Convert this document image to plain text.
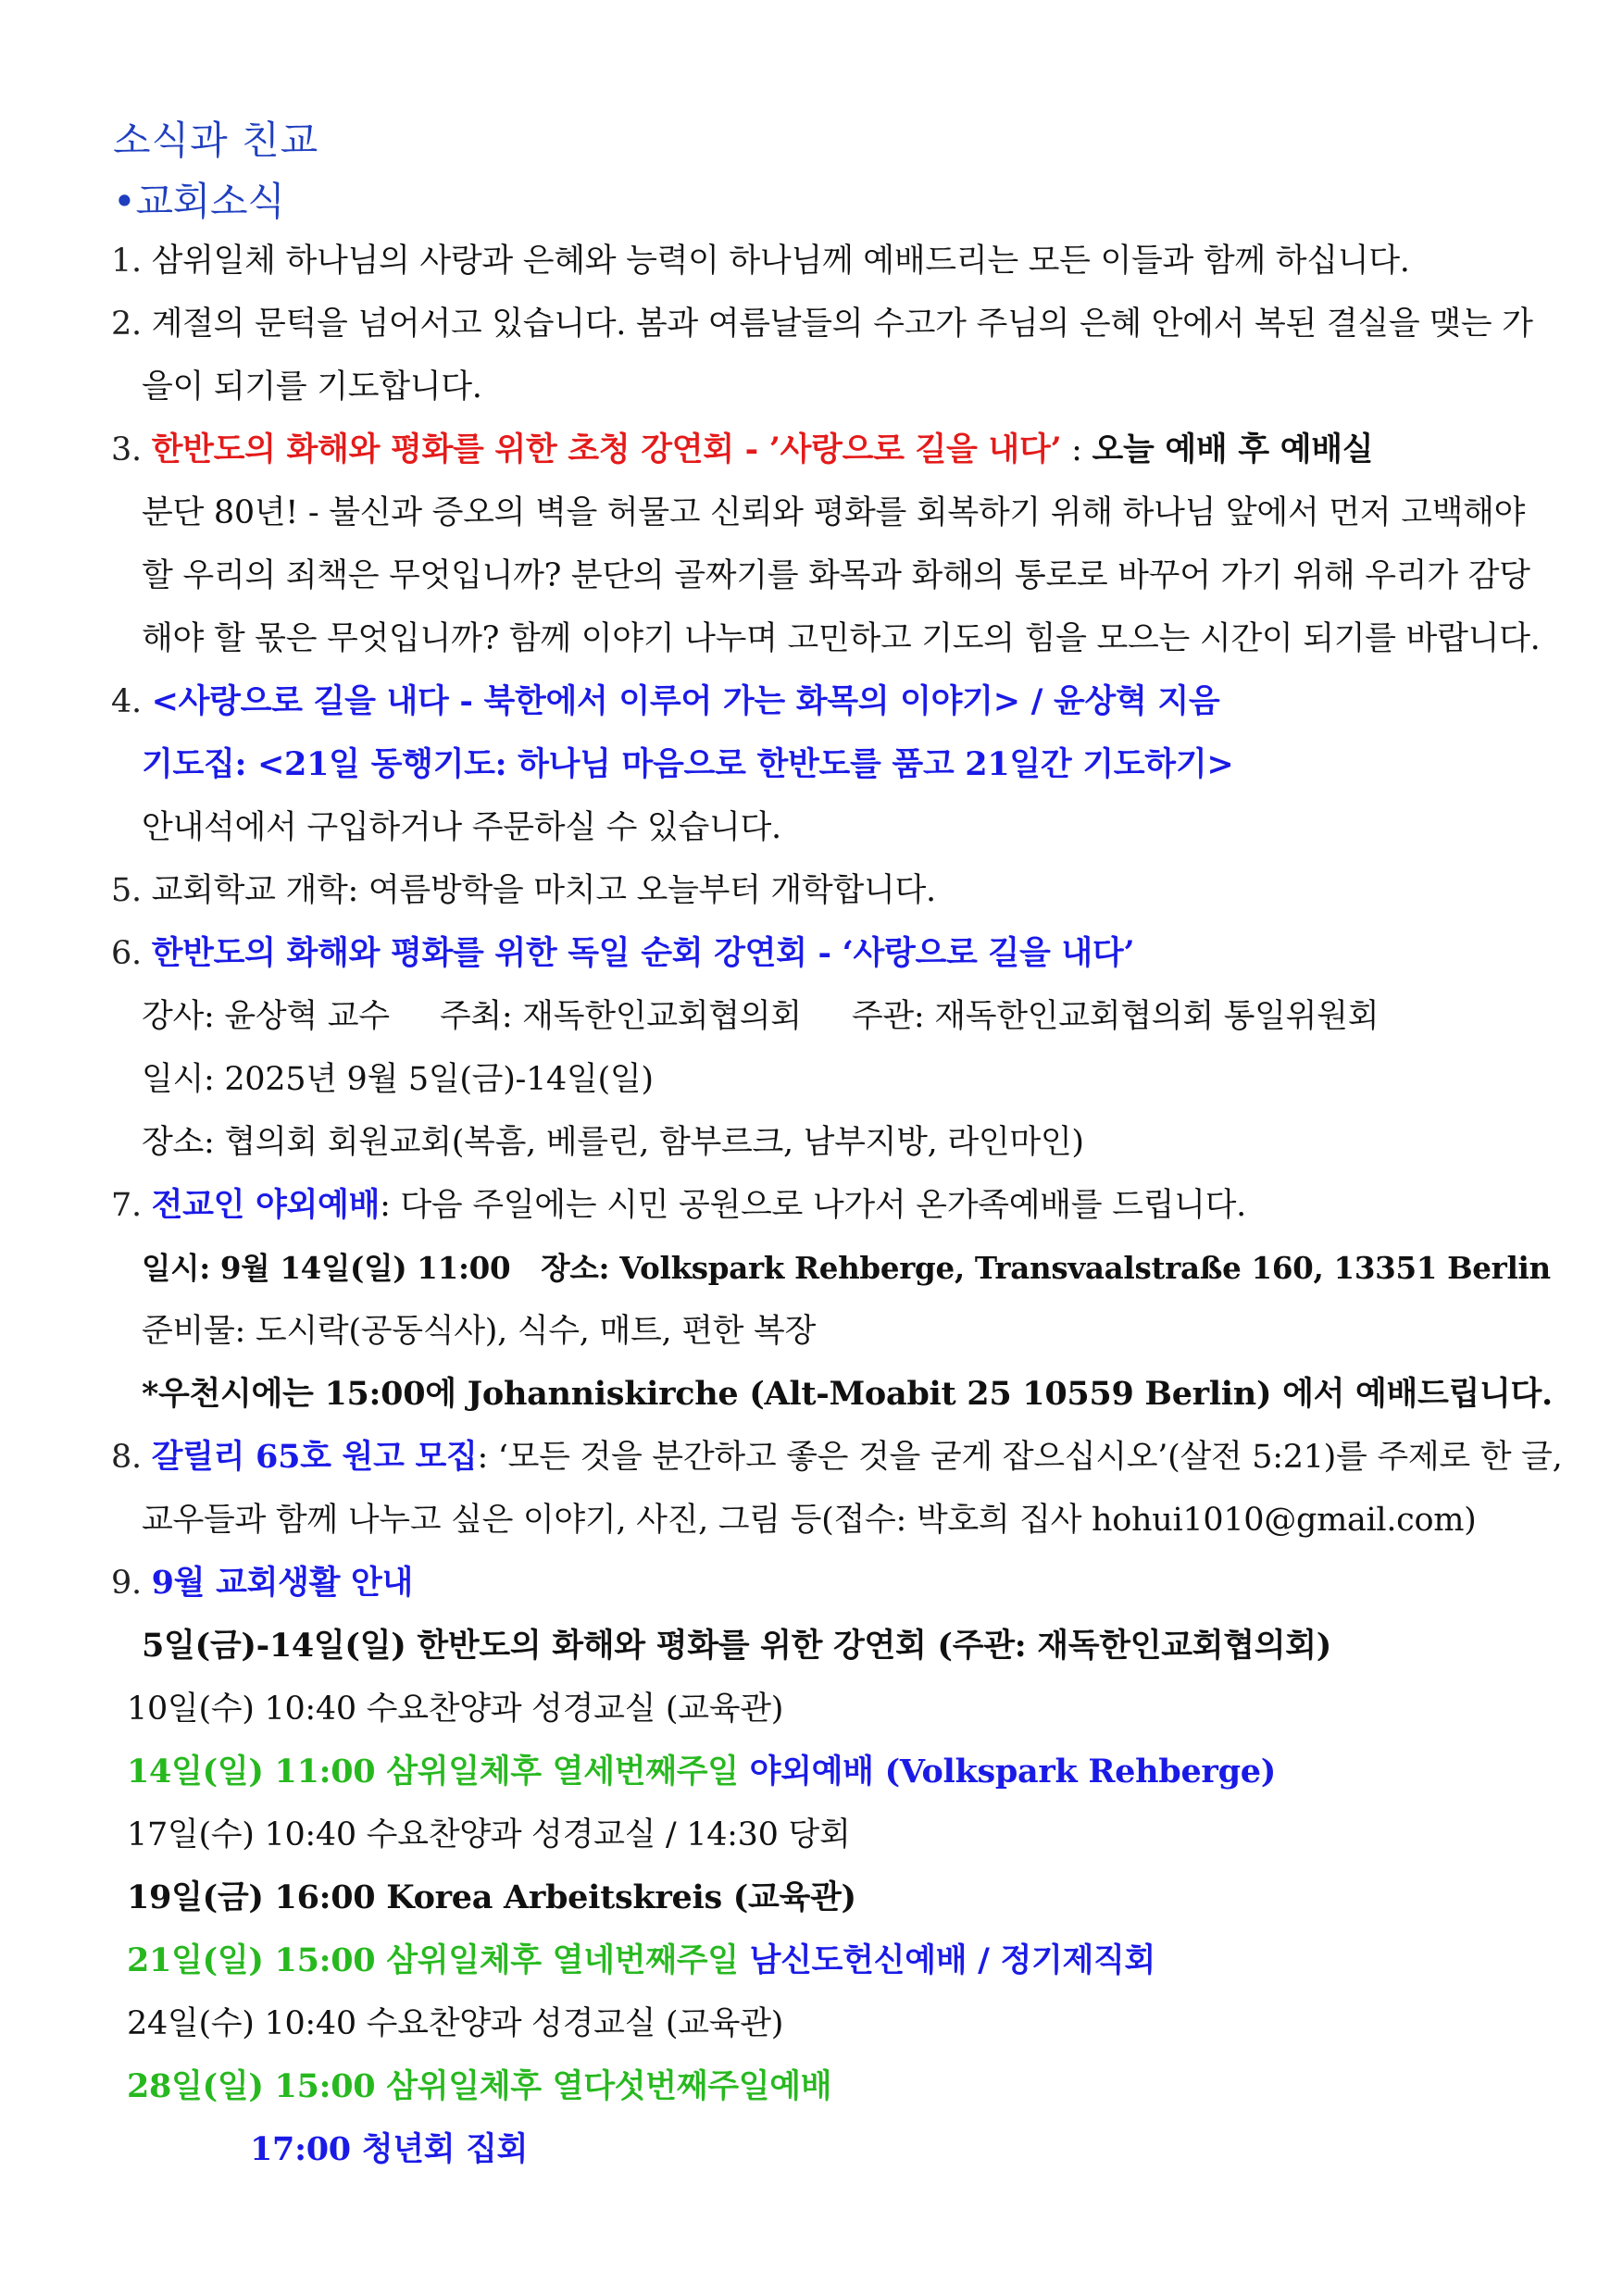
소식과 친교
•교회소식
1. 삼위일체 하나님의 사랑과 은혜와 능력이 하나님께 예배드리는 모든 이들과 함께 하십니다.
2. 계절의 문턱을 넘어서고 있습니다. 봄과 여름날들의 수고가 주님의 은혜 안에서 복된 결실을 맺는 가
을이 되기를 기도합니다.
3. 한반도의 화해와 평화를 위한 초청 강연회 - ’사랑으로 길을 내다’ : 오늘 예배 후 예배실
분단 80년! - 불신과 증오의 벽을 허물고 신뢰와 평화를 회복하기 위해 하나님 앞에서 먼저 고백해야
할 우리의 죄책은 무엇입니까? 분단의 골짜기를 화목과 화해의 통로로 바꾸어 가기 위해 우리가 감당
해야 할 몫은 무엇입니까? 함께 이야기 나누며 고민하고 기도의 힘을 모으는 시간이 되기를 바랍니다.
4. <사랑으로 길을 내다 - 북한에서 이루어 가는 화목의 이야기> / 윤상혁 지음
기도집: <21일 동행기도: 하나님 마음으로 한반도를 품고 21일간 기도하기>
안내석에서 구입하거나 주문하실 수 있습니다.
5. 교회학교 개학: 여름방학을 마치고 오늘부터 개학합니다.
6. 한반도의 화해와 평화를 위한 독일 순회 강연회 - ‘사랑으로 길을 내다’
강사: 윤상혁 교수     주최: 재독한인교회협의회     주관: 재독한인교회협의회 통일위원회
일시: 2025년 9월 5일(금)-14일(일)
장소: 협의회 회원교회(복흠, 베를린, 함부르크, 남부지방, 라인마인)
7. 전교인 야외예배: 다음 주일에는 시민 공원으로 나가서 온가족예배를 드립니다.
일시: 9월 14일(일) 11:00   장소: Volkspark Rehberge, Transvaalstraße 160, 13351 Berlin
준비물: 도시락(공동식사), 식수, 매트, 편한 복장
*우천시에는 15:00에 Johanniskirche (Alt-Moabit 25 10559 Berlin) 에서 예배드립니다.
8. 갈릴리 65호 원고 모집: ‘모든 것을 분간하고 좋은 것을 굳게 잡으십시오’(살전 5:21)를 주제로 한 글,
교우들과 함께 나누고 싶은 이야기, 사진, 그림 등(접수: 박호희 집사 hohui1010@gmail.com)
9. 9월 교회생활 안내
5일(금)-14일(일) 한반도의 화해와 평화를 위한 강연회 (주관: 재독한인교회협의회)
10일(수) 10:40 수요찬양과 성경교실 (교육관)
14일(일) 11:00 삼위일체후 열세번째주일 야외예배 (Volkspark Rehberge)
17일(수) 10:40 수요찬양과 성경교실 / 14:30 당회
19일(금) 16:00 Korea Arbeitskreis (교육관)
21일(일) 15:00 삼위일체후 열네번째주일 남신도헌신예배 / 정기제직회
24일(수) 10:40 수요찬양과 성경교실 (교육관)
28일(일) 15:00 삼위일체후 열다섯번째주일예배
17:00 청년회 집회
